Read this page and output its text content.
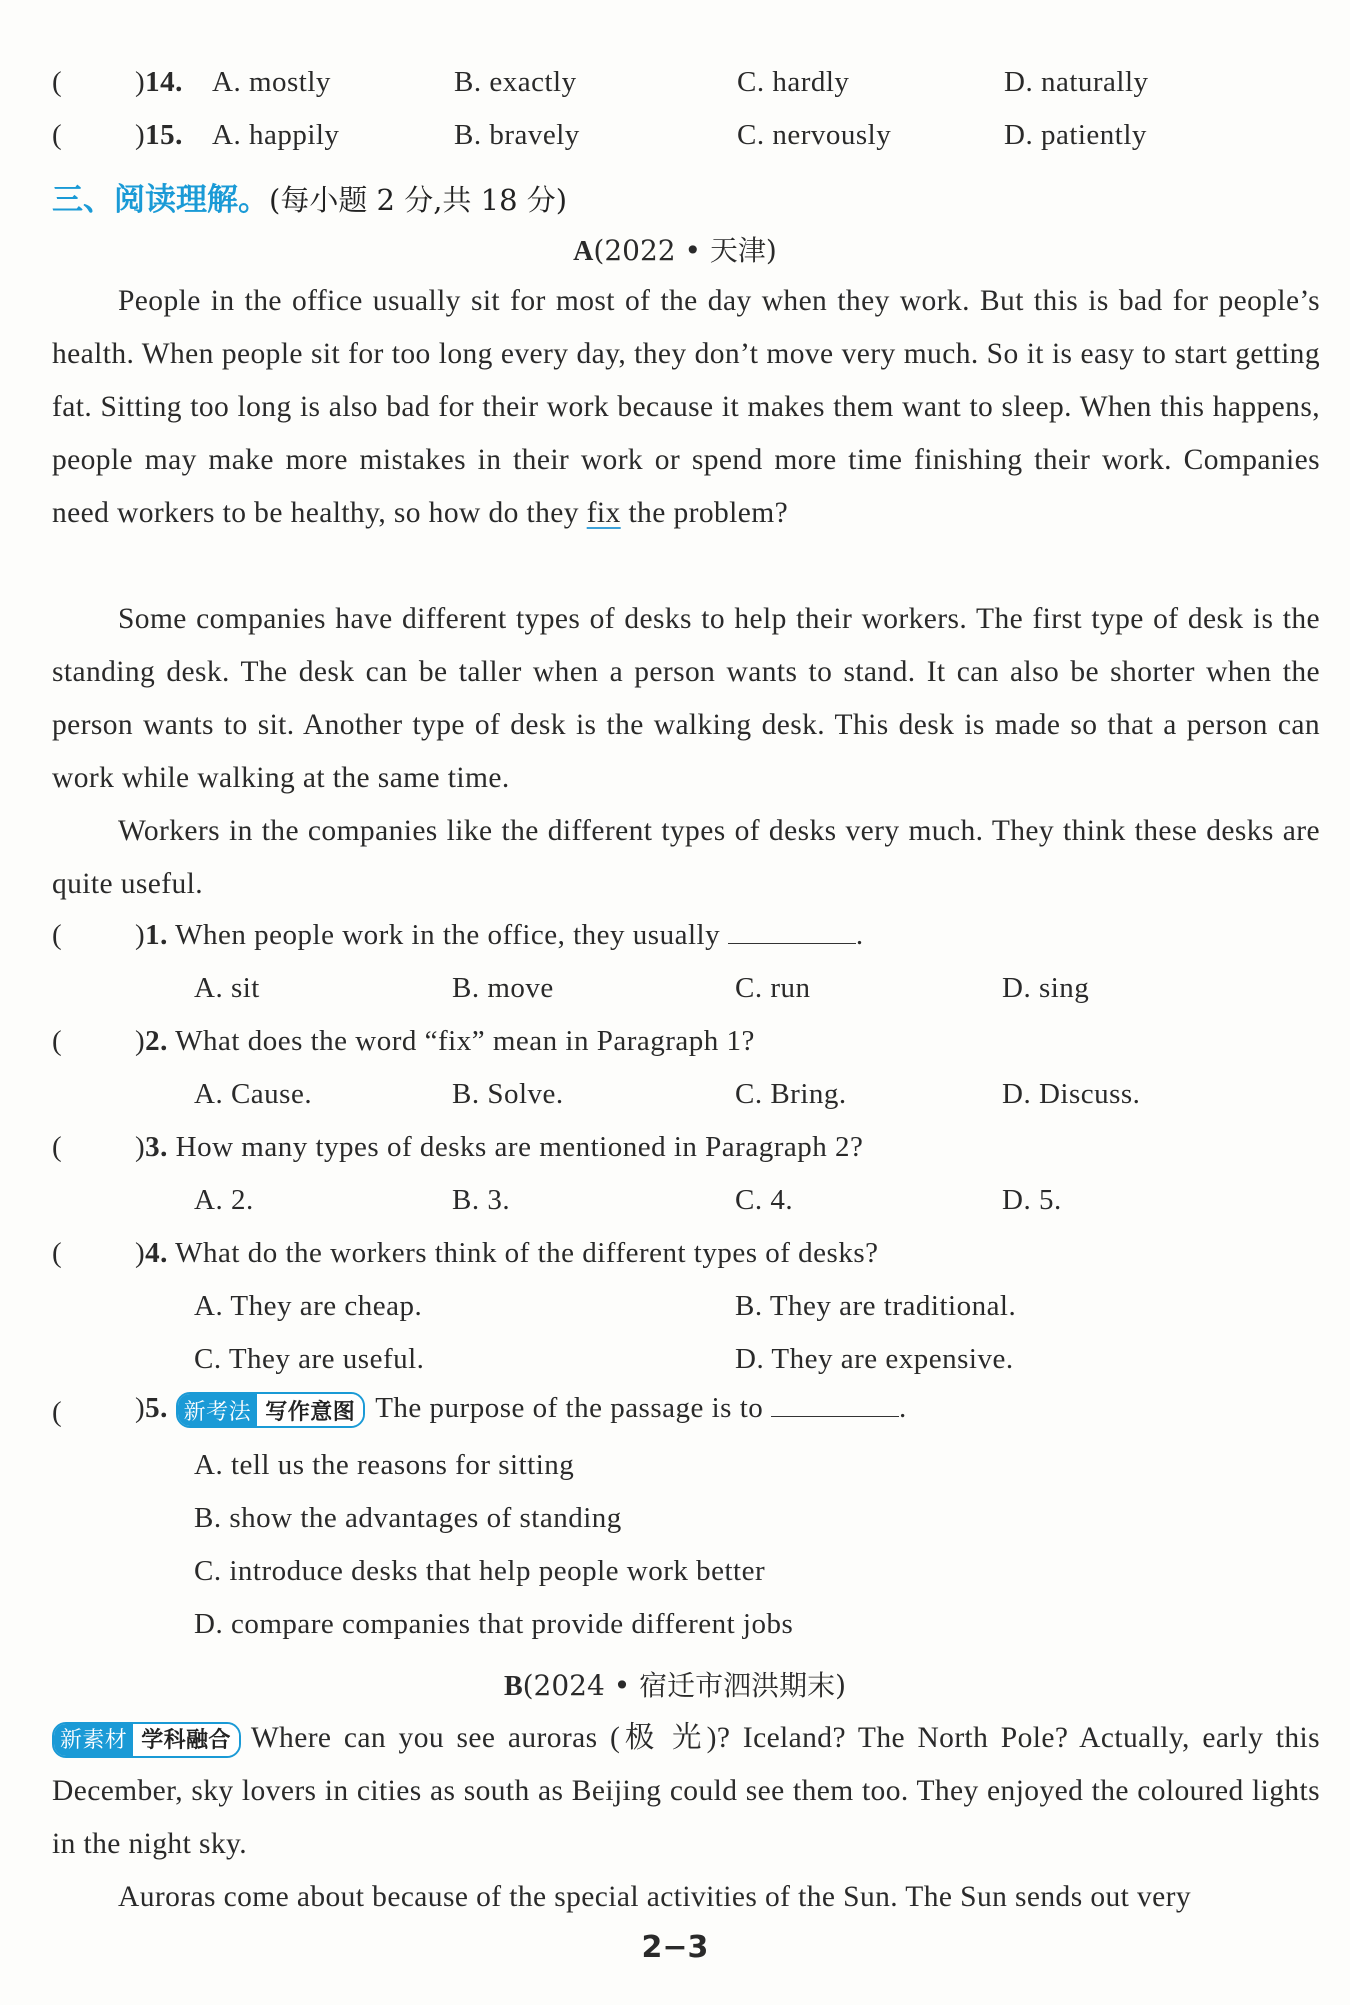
(	)14. A. mostly	B. exactly	C. hardly	D. naturally
(	)15. A. happily	B. bravely	C. nervously	D. patiently
三、阅读理解。(每小题 2 分,共 18 分)
A(2022 • 天津)
People in the office usually sit for most of the day when they work. But this is bad for people’s health. When people sit for too long every day, they don’t move very much. So it is easy to start getting fat. Sitting too long is also bad for their work because it makes them want to sleep. When this happens, people may make more mistakes in their work or spend more time finishing their work. Companies need workers to be healthy, so how do they fix the problem?
Some companies have different types of desks to help their workers. The first type of desk is the standing desk. The desk can be taller when a person wants to stand. It can also be shorter when the person wants to sit. Another type of desk is the walking desk. This desk is made so that a person can work while walking at the same time.
Workers in the companies like the different types of desks very much. They think these desks are quite useful.
(	)1. When people work in the office, they usually	.
A. sit	B. move	C. run	D. sing
(	)2. What does the word “fix” mean in Paragraph 1?
A. Cause.	B. Solve.	C. Bring.	D. Discuss.
(	)3. How many types of desks are mentioned in Paragraph 2?
A. 2.	B. 3.	C. 4.	D. 5.
(	)4. What do the workers think of the different types of desks?
A. They are cheap.	B. They are traditional.
C. They are useful.	D. They are expensive.
(	)5. 新考法 写作意图 The purpose of the passage is to	.
A. tell us the reasons for sitting
B. show the advantages of standing
C. introduce desks that help people work better
D. compare companies that provide different jobs
B(2024 • 宿迁市泗洪期末)
新素材 学科融合 Where can you see auroras (极 光)? Iceland? The North Pole? Actually, early this December, sky lovers in cities as south as Beijing could see them too. They enjoyed the coloured lights in the night sky.
Auroras come about because of the special activities of the Sun. The Sun sends out very
2−3
